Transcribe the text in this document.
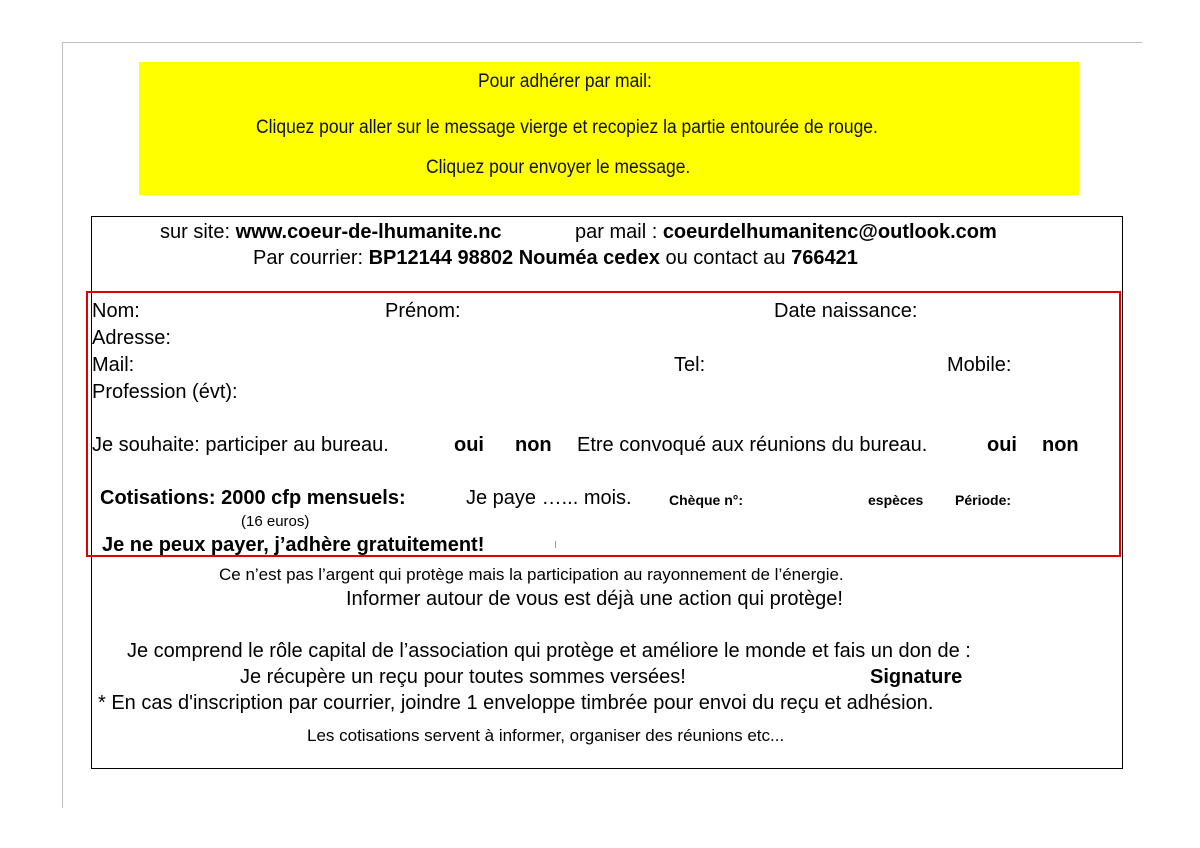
Pour adhérer par mail:
Cliquez pour aller sur le message vierge et recopiez la partie entourée de rouge.
Cliquez pour envoyer le message.
sur site: www.coeur-de-lhumanite.nc	par mail : coeurdelhumanitenc@outlook.com
Par courrier: BP12144 98802 Nouméa cedex ou contact au 766421
Nom:	Prénom:	Date naissance:
Adresse:
Mail:	Tel:	Mobile:
Profession (évt):
Je souhaite: participer au bureau.	oui non Etre convoqué aux réunions du bureau.	oui non
Cotisations: 2000 cfp mensuels:	Je paye …... mois.	Chèque n°:	espèces Période:
(16 euros)
Je ne peux payer, j’adhère gratuitement!
Ce n’est pas l’argent qui protège mais la participation au rayonnement de l’énergie.
Informer autour de vous est déjà une action qui protège!
Je comprend le rôle capital de l’association qui protège et améliore le monde et fais un don de :
Je récupère un reçu pour toutes sommes versées!	Signature
* En cas d'inscription par courrier, joindre 1 enveloppe timbrée pour envoi du reçu et adhésion.
Les cotisations servent à informer, organiser des réunions etc...
